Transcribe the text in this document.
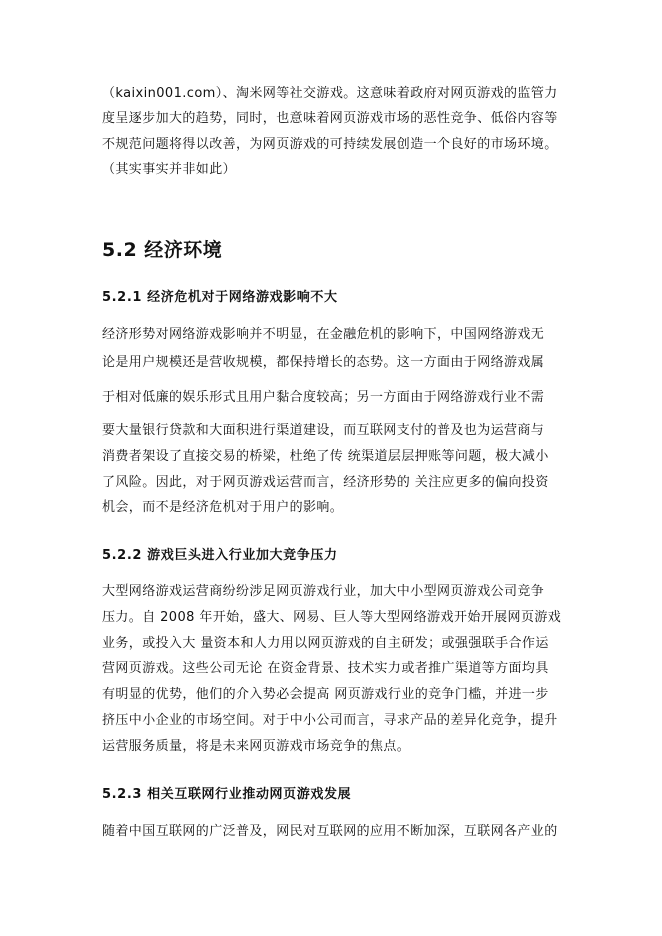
（kaixin001.com）、淘米网等社交游戏。这意味着政府对网页游戏的监管力
度呈逐步加大的趋势，同时，也意味着网页游戏市场的恶性竞争、低俗内容等
不规范问题将得以改善，为网页游戏的可持续发展创造一个良好的市场环境。
（其实事实并非如此）
5.2 经济环境
5.2.1 经济危机对于网络游戏影响不大
经济形势对网络游戏影响并不明显，在金融危机的影响下，中国网络游戏无
论是用户规模还是营收规模，都保持增长的态势。这一方面由于网络游戏属
于相对低廉的娱乐形式且用户黏合度较高；另一方面由于网络游戏行业不需
要大量银行贷款和大面积进行渠道建设，而互联网支付的普及也为运营商与
消费者架设了直接交易的桥梁，杜绝了传 统渠道层层押账等问题，极大减小
了风险。因此，对于网页游戏运营而言，经济形势的 关注应更多的偏向投资
机会，而不是经济危机对于用户的影响。
5.2.2 游戏巨头进入行业加大竞争压力
大型网络游戏运营商纷纷涉足网页游戏行业，加大中小型网页游戏公司竞争
压力。自 2008 年开始，盛大、网易、巨人等大型网络游戏开始开展网页游戏
业务，或投入大 量资本和人力用以网页游戏的自主研发；或强强联手合作运
营网页游戏。这些公司无论 在资金背景、技术实力或者推广渠道等方面均具
有明显的优势，他们的介入势必会提高 网页游戏行业的竞争门槛，并进一步
挤压中小企业的市场空间。对于中小公司而言，寻求产品的差异化竞争，提升
运营服务质量，将是未来网页游戏市场竞争的焦点。
5.2.3 相关互联网行业推动网页游戏发展
随着中国互联网的广泛普及，网民对互联网的应用不断加深，互联网各产业的
